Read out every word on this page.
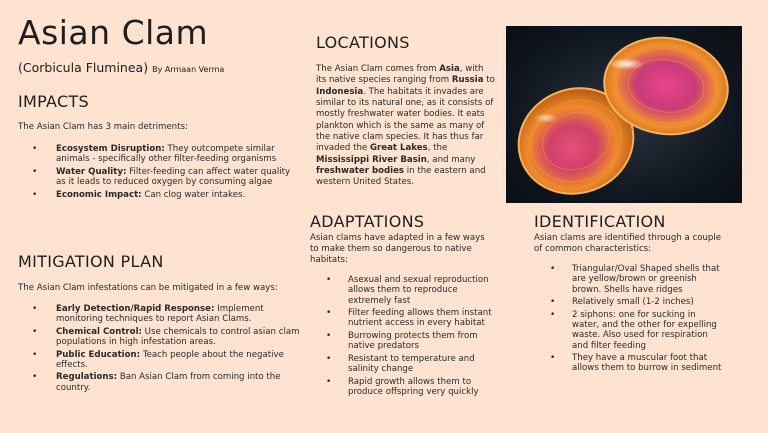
Asian Clam
(Corbicula Fluminea) By Armaan Verma
IMPACTS

The Asian Clam has 3 main detriments:

• Ecosystem Disruption: They outcompete similar animals - specifically other filter-feeding organisms
• Water Quality: Filter-feeding can affect water quality as it leads to reduced oxygen by consuming algae
• Economic Impact: Can clog water intakes.
MITIGATION PLAN

The Asian Clam infestations can be mitigated in a few ways:

• Early Detection/Rapid Response: Implement monitoring techniques to report Asian Clams.
• Chemical Control: Use chemicals to control asian clam populations in high infestation areas.
• Public Education: Teach people about the negative effects.
• Regulations: Ban Asian Clam from coming into the country.
LOCATIONS

The Asian Clam comes from Asia, with its native species ranging from Russia to Indonesia. The habitats it invades are similar to its natural one, as it consists of mostly freshwater water bodies. It eats plankton which is the same as many of the native clam species. It has thus far invaded the Great Lakes, the Mississippi River Basin, and many freshwater bodies in the eastern and western United States.

ADAPTATIONS

Asian clams have adapted in a few ways to make them so dangerous to native habitats:

• Asexual and sexual reproduction allows them to reproduce extremely fast
• Filter feeding allows them instant nutrient access in every habitat
• Burrowing protects them from native predators
• Resistant to temperature and salinity change
• Rapid growth allows them to produce offspring very quickly
IDENTIFICATION

Asian clams are identified through a couple of common characteristics:

• Triangular/Oval Shaped shells that are yellow/brown or greenish brown. Shells have ridges
• Relatively small (1-2 inches)
• 2 siphons: one for sucking in water, and the other for expelling waste. Also used for respiration and filter feeding
• They have a muscular foot that allows them to burrow in sediment
